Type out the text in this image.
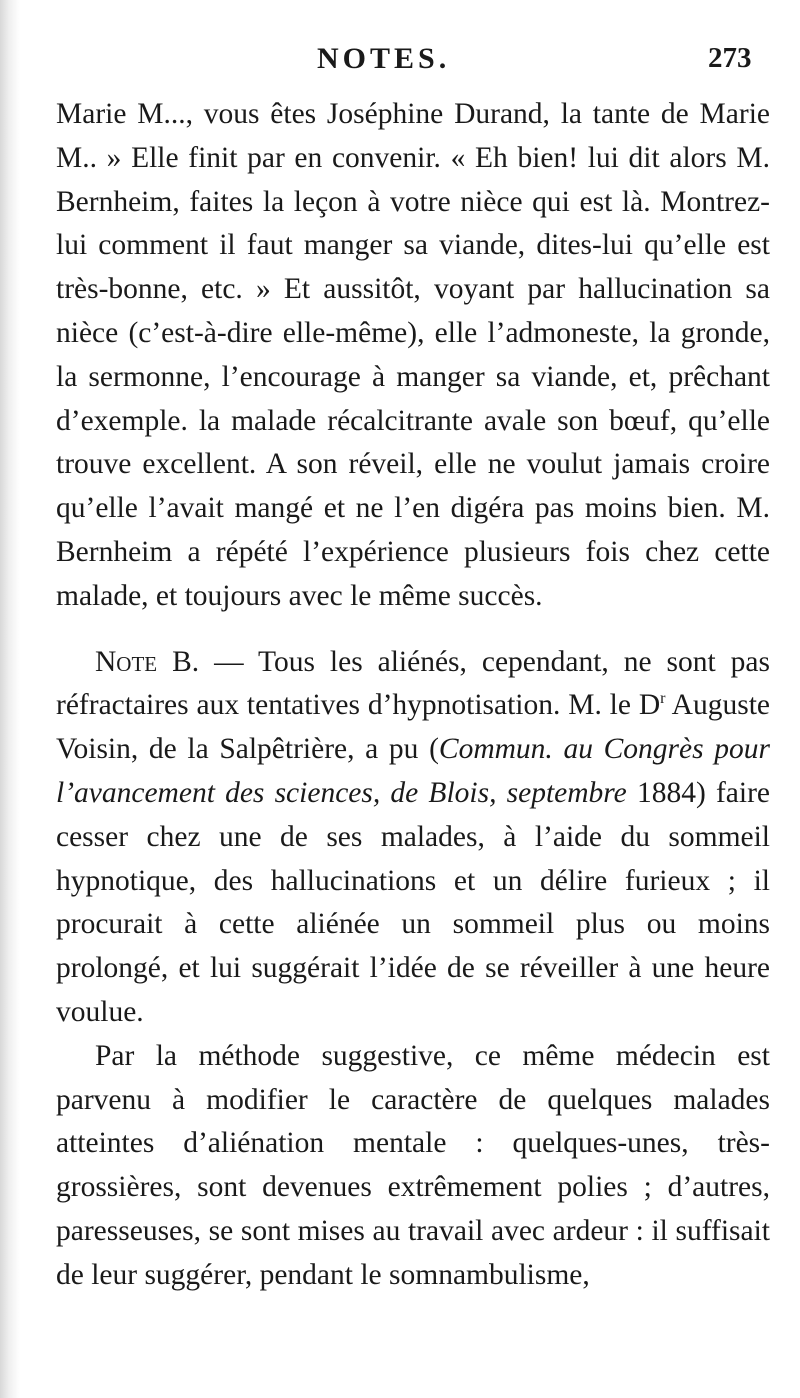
NOTES.	273

Marie M..., vous êtes Joséphine Durand, la tante de Marie M.. » Elle finit par en convenir. « Eh bien! lui dit alors M. Bernheim, faites la leçon à votre nièce qui est là. Montrez-lui comment il faut manger sa viande, dites-lui qu’elle est très-bonne, etc. » Et aussitôt, voyant par hallucination sa nièce (c’est-à-dire elle-même), elle l’admoneste, la gronde, la sermonne, l’encourage à manger sa viande, et, prêchant d’exemple. la malade récalcitrante avale son bœuf, qu’elle trouve excellent. A son réveil, elle ne voulut jamais croire qu’elle l’avait mangé et ne l’en digéra pas moins bien. M. Bernheim a répété l’expérience plusieurs fois chez cette malade, et toujours avec le même succès.

Note B. — Tous les aliénés, cependant, ne sont pas réfractaires aux tentatives d’hypnotisation. M. le $D^r$ Auguste Voisin, de la Salpêtrière, a pu (Commun. au Congrès pour l’avancement des sciences, de Blois, septembre 1884) faire cesser chez une de ses malades, à l’aide du sommeil hypnotique, des hallucinations et un délire furieux ; il procurait à cette aliénée un sommeil plus ou moins prolongé, et lui suggérait l’idée de se réveiller à une heure voulue.

Par la méthode suggestive, ce même médecin est parvenu à modifier le caractère de quelques malades atteintes d’aliénation mentale : quelques-unes, très-grossières, sont devenues extrêmement polies ; d’autres, paresseuses, se sont mises au travail avec ardeur : il suffisait de leur suggérer, pendant le somnambulisme,
